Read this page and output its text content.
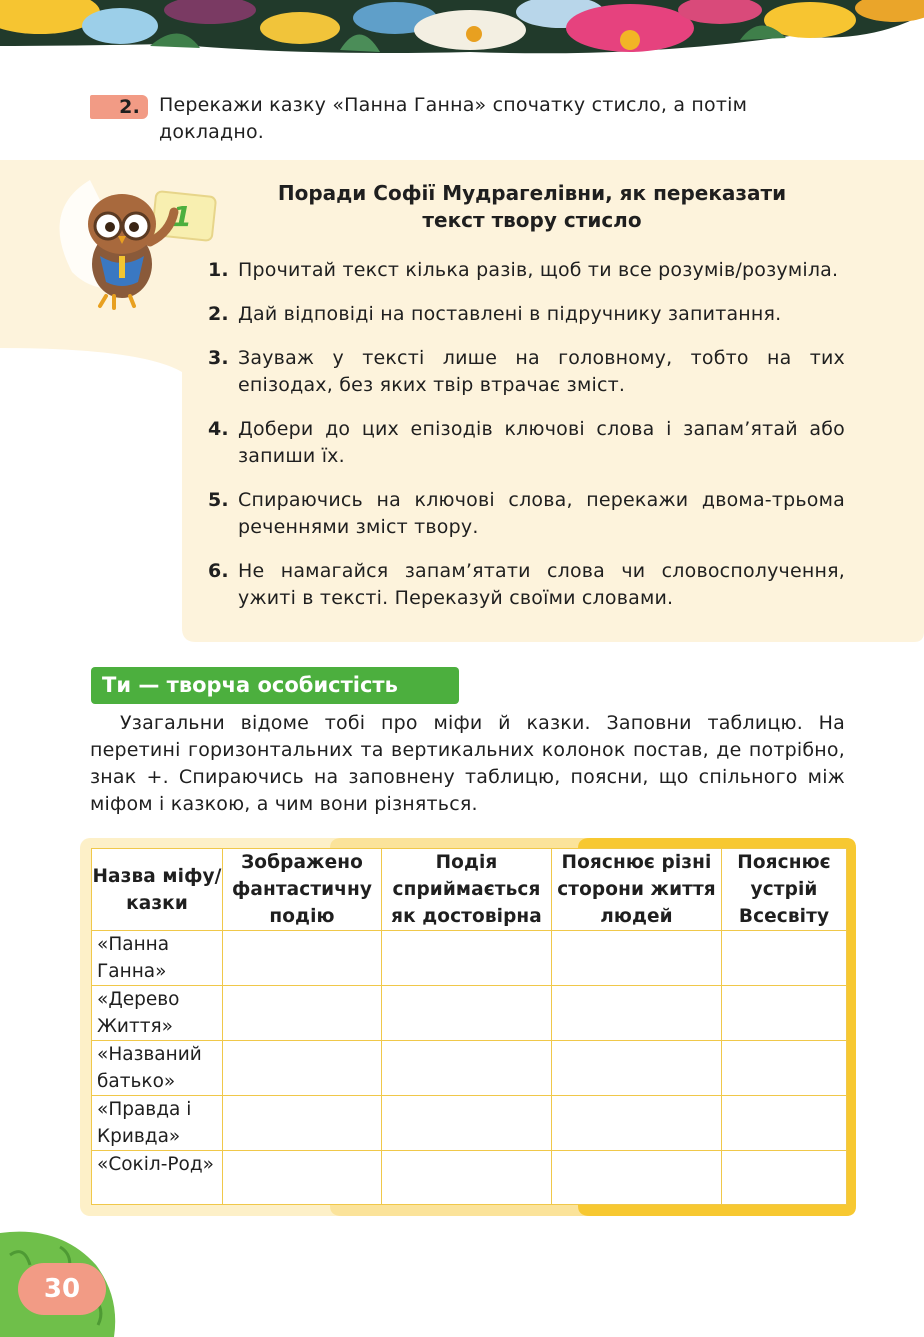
2.	Перекажи казку «Панна Ганна» спочатку стисло, а потім докладно.
1
Поради Софії Мудрагелівни, як переказати
текст твору стисло
1. Прочитай текст кілька разів, щоб ти все розумів/розуміла.
2. Дай відповіді на поставлені в підручнику запитання.
3. Зауваж у тексті лише на головному, тобто на тих епізодах, без яких твір втрачає зміст.
4. Добери до цих епізодів ключові слова і запам’ятай або запиши їх.
5. Спираючись на ключові слова, перекажи двома-трьома реченнями зміст твору.
6. Не намагайся запам’ятати слова чи словосполучення, ужиті в тексті. Переказуй своїми словами.
Ти — творча особистість

Узагальни відоме тобі про міфи й казки. Заповни таблицю. На перетині горизонтальних та вертикальних колонок постав, де потрібно, знак +. Спираючись на заповнену таблицю, поясни, що спільного між міфом і казкою, а чим вони різняться.

Назва міфу/ казки	Зображено фантастичну подію	Подія сприймається як достовірна	Пояснює різні сторони життя людей	Пояснює устрій Всесвіту
«Панна Ганна»				
«Дерево Життя»				
«Названий батько»				
«Правда і Кривда»				
«Сокіл-Род»				
30
